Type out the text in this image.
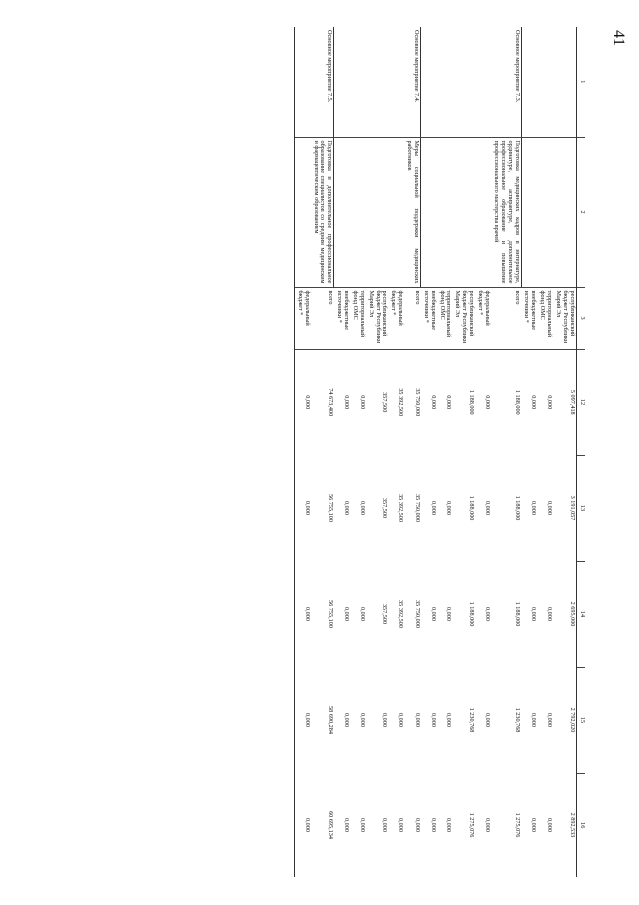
41
1	2	3	12	13	14	15	16
		республиканский бюджет Республики Марий Эл	5 097,418	3 191,057	2 695,000	2 792,020	2 892,533
		территориальный фонд ОМС	0,000	0,000	0,000	0,000	0,000
		внебюджетные источники *	0,000	0,000	0,000	0,000	0,000
Основное мероприятие 7.3.	Подготовка медицинских кадров в интернатуре, ординатуре, аспирантуре, дополнительное профессиональное образование и повышение профессионального мастерства врачей	всего	1 188,000	1 188,000	1 188,000	1 230,768	1 275,076
		федеральный бюджет *	0,000	0,000	0,000	0,000	0,000
		республиканский бюджет Республики Марий Эл	1 188,000	1 188,000	1 188,000	1 230,768	1 275,076
		территориальный фонд ОМС	0,000	0,000	0,000	0,000	0,000
		внебюджетные источники *	0,000	0,000	0,000	0,000	0,000
Основное мероприятие 7.4.	Меры социальной поддержки медицинских работников	всего	35 750,000	35 750,000	35 750,000	0,000	0,000
		федеральный бюджет *	35 392,500	35 392,500	35 392,500	0,000	0,000
		республиканский бюджет Республики Марий Эл	357,500	357,500	357,500	0,000	0,000
		территориальный фонд ОМС	0,000	0,000	0,000	0,000	0,000
		внебюджетные источники *	0,000	0,000	0,000	0,000	0,000
Основное мероприятие 7.5.	Подготовка и дополнительное профессиональное образование специалистов со средним медицинским и фармацевтическим образованием	всего	74 673,400	56 755,100	56 755,100	58 690,284	60 695,134
		федеральный бюджет *	0,000	0,000	0,000	0,000	0,000
